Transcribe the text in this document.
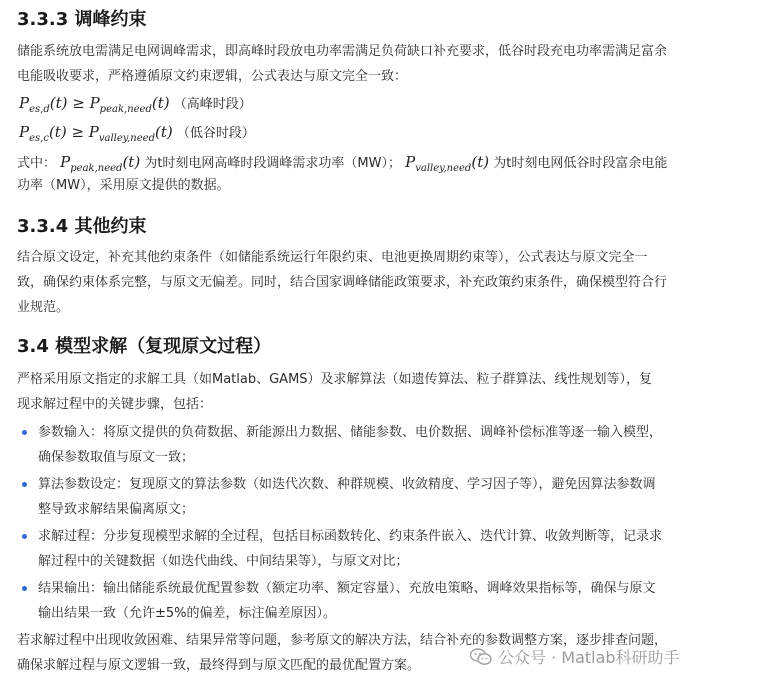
3.3.3 调峰约束

储能系统放电需满足电网调峰需求，即高峰时段放电功率需满足负荷缺口补充要求，低谷时段充电功率需满足富余

电能吸收要求，严格遵循原文约束逻辑，公式表达与原文完全一致：

$P_{es,d}(t) \ge P_{peak,need}(t)$ （高峰时段）
$P_{es,c}(t) \ge P_{valley,need}(t)$ （低谷时段）

式中： $P_{peak,need}(t)$ 为t时刻电网高峰时段调峰需求功率（MW）； $P_{valley,need}(t)$ 为t时刻电网低谷时段富余电能

功率（MW），采用原文提供的数据。

3.3.4 其他约束

结合原文设定，补充其他约束条件（如储能系统运行年限约束、电池更换周期约束等），公式表达与原文完全一

致，确保约束体系完整，与原文无偏差。同时，结合国家调峰储能政策要求，补充政策约束条件，确保模型符合行

业规范。

3.4 模型求解（复现原文过程）

严格采用原文指定的求解工具（如Matlab、GAMS）及求解算法（如遗传算法、粒子群算法、线性规划等），复

现求解过程中的关键步骤，包括：

参数输入：将原文提供的负荷数据、新能源出力数据、储能参数、电价数据、调峰补偿标准等逐一输入模型，
确保参数取值与原文一致；
算法参数设定：复现原文的算法参数（如迭代次数、种群规模、收敛精度、学习因子等），避免因算法参数调
整导致求解结果偏离原文；
求解过程：分步复现模型求解的全过程，包括目标函数转化、约束条件嵌入、迭代计算、收敛判断等，记录求
解过程中的关键数据（如迭代曲线、中间结果等），与原文对比；
结果输出：输出储能系统最优配置参数（额定功率、额定容量）、充放电策略、调峰效果指标等，确保与原文
输出结果一致（允许±5%的偏差，标注偏差原因）。

若求解过程中出现收敛困难、结果异常等问题，参考原文的解决方法，结合补充的参数调整方案，逐步排查问题，

确保求解过程与原文逻辑一致，最终得到与原文匹配的最优配置方案。	公众号 · Matlab科研助手
